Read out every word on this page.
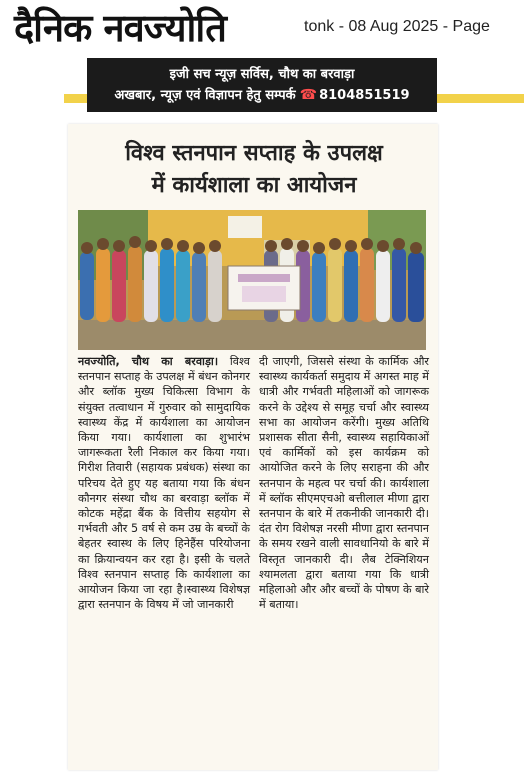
दैनिक नवज्योति	tonk - 08 Aug 2025 - Page
इजी सच न्यूज़ सर्विस, चौथ का बरवाड़ा
अखबार, न्यूज़ एवं विज्ञापन हेतु सम्पर्क ☎ 8104851519
विश्व स्तनपान सप्ताह के उपलक्ष
में कार्यशाला का आयोजन
नवज्योति, चौथ का बरवाड़ा। विश्व स्तनपान सप्ताह के उपलक्ष में बंधन कोनगर और ब्लॉक मुख्य चिकित्सा विभाग के संयुक्त तत्वाधान में गुरुवार को सामुदायिक स्वास्थ्य केंद्र में कार्यशाला का आयोजन किया गया। कार्यशाला का शुभारंभ जागरूकता रैली निकाल कर किया गया। गिरीश तिवारी (सहायक प्रबंधक) संस्था का परिचय देते हुए यह बताया गया कि बंधन कौनगर संस्था चौथ का बरवाड़ा ब्लॉक में कोटक महेंद्रा बैंक के वित्तीय सहयोग से गर्भवती और 5 वर्ष से कम उम्र के बच्चों के बेहतर स्वास्थ के लिए हिनेहैंस परियोजना का क्रियान्वयन कर रहा है। इसी के चलते विश्व स्तनपान सप्ताह कि कार्यशाला का आयोजन किया जा रहा है।स्वास्थ्य विशेषज्ञ द्वारा स्तनपान के विषय में जो जानकारी
दी जाएगी, जिससे संस्था के कार्मिक और स्वास्थ्य कार्यकर्ता समुदाय में अगस्त माह में धात्री और गर्भवती महिलाओं को जागरूक करने के उद्देश्य से समूह चर्चा और स्वास्थ्य सभा का आयोजन करेंगी। मुख्य अतिथि प्रशासक सीता सैनी, स्वास्थ्य सहायिकाओं एवं कार्मिकों को इस कार्यक्रम को आयोजित करने के लिए सराहना की और स्तनपान के महत्व पर चर्चा की। कार्यशाला में ब्लॉक सीएमएचओ बत्तीलाल मीणा द्वारा स्तनपान के बारे में तकनीकी जानकारी दी। दंत रोग विशेषज्ञ नरसी मीणा द्वारा स्तनपान के समय रखने वाली सावधानियो के बारे में विस्तृत जानकारी दी। लैब टेक्निशियन श्यामलता द्वारा बताया गया कि धात्री महिलाओ और और बच्चों के पोषण के बारे में बताया।
